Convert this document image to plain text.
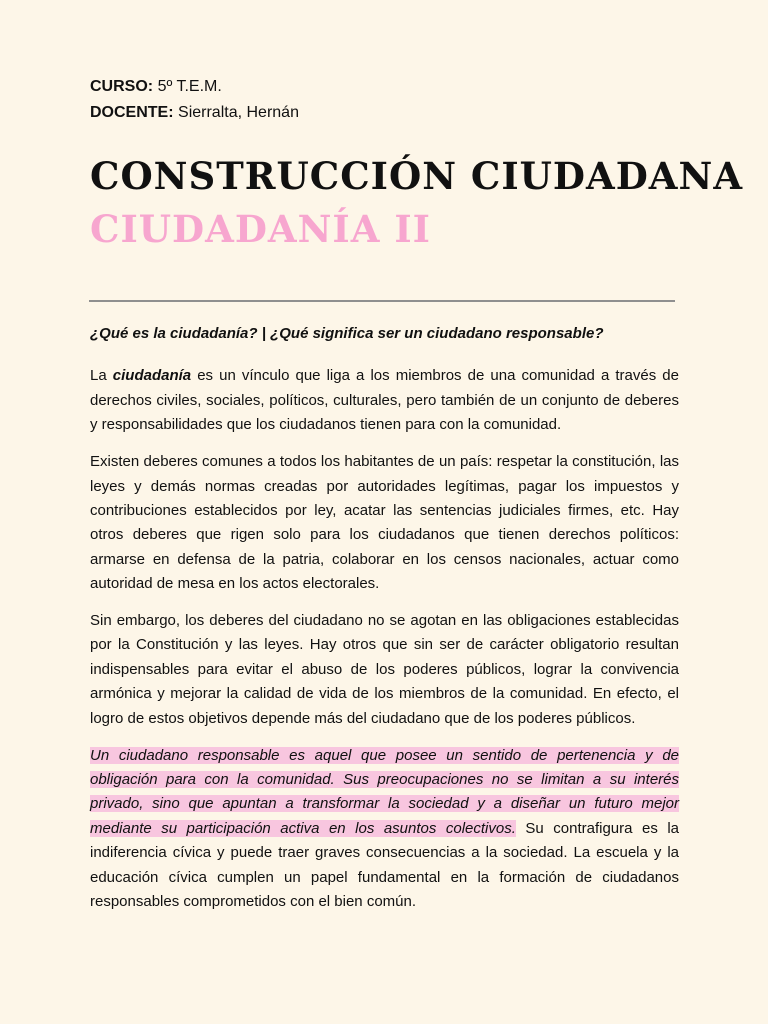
CURSO: 5º T.E.M.
DOCENTE: Sierralta, Hernán
CONSTRUCCIÓN CIUDADANA
CIUDADANÍA II
¿Qué es la ciudadanía? | ¿Qué significa ser un ciudadano responsable?

La ciudadanía es un vínculo que liga a los miembros de una comunidad a través de derechos civiles, sociales, políticos, culturales, pero también de un conjunto de deberes y responsabilidades que los ciudadanos tienen para con la comunidad.

Existen deberes comunes a todos los habitantes de un país: respetar la constitución, las leyes y demás normas creadas por autoridades legítimas, pagar los impuestos y contribuciones establecidos por ley, acatar las sentencias judiciales firmes, etc. Hay otros deberes que rigen solo para los ciudadanos que tienen derechos políticos: armarse en defensa de la patria, colaborar en los censos nacionales, actuar como autoridad de mesa en los actos electorales.

Sin embargo, los deberes del ciudadano no se agotan en las obligaciones establecidas por la Constitución y las leyes. Hay otros que sin ser de carácter obligatorio resultan indispensables para evitar el abuso de los poderes públicos, lograr la convivencia armónica y mejorar la calidad de vida de los miembros de la comunidad. En efecto, el logro de estos objetivos depende más del ciudadano que de los poderes públicos.

Un ciudadano responsable es aquel que posee un sentido de pertenencia y de obligación para con la comunidad. Sus preocupaciones no se limitan a su interés privado, sino que apuntan a transformar la sociedad y a diseñar un futuro mejor mediante su participación activa en los asuntos colectivos. Su contrafigura es la indiferencia cívica y puede traer graves consecuencias a la sociedad. La escuela y la educación cívica cumplen un papel fundamental en la formación de ciudadanos responsables comprometidos con el bien común.
